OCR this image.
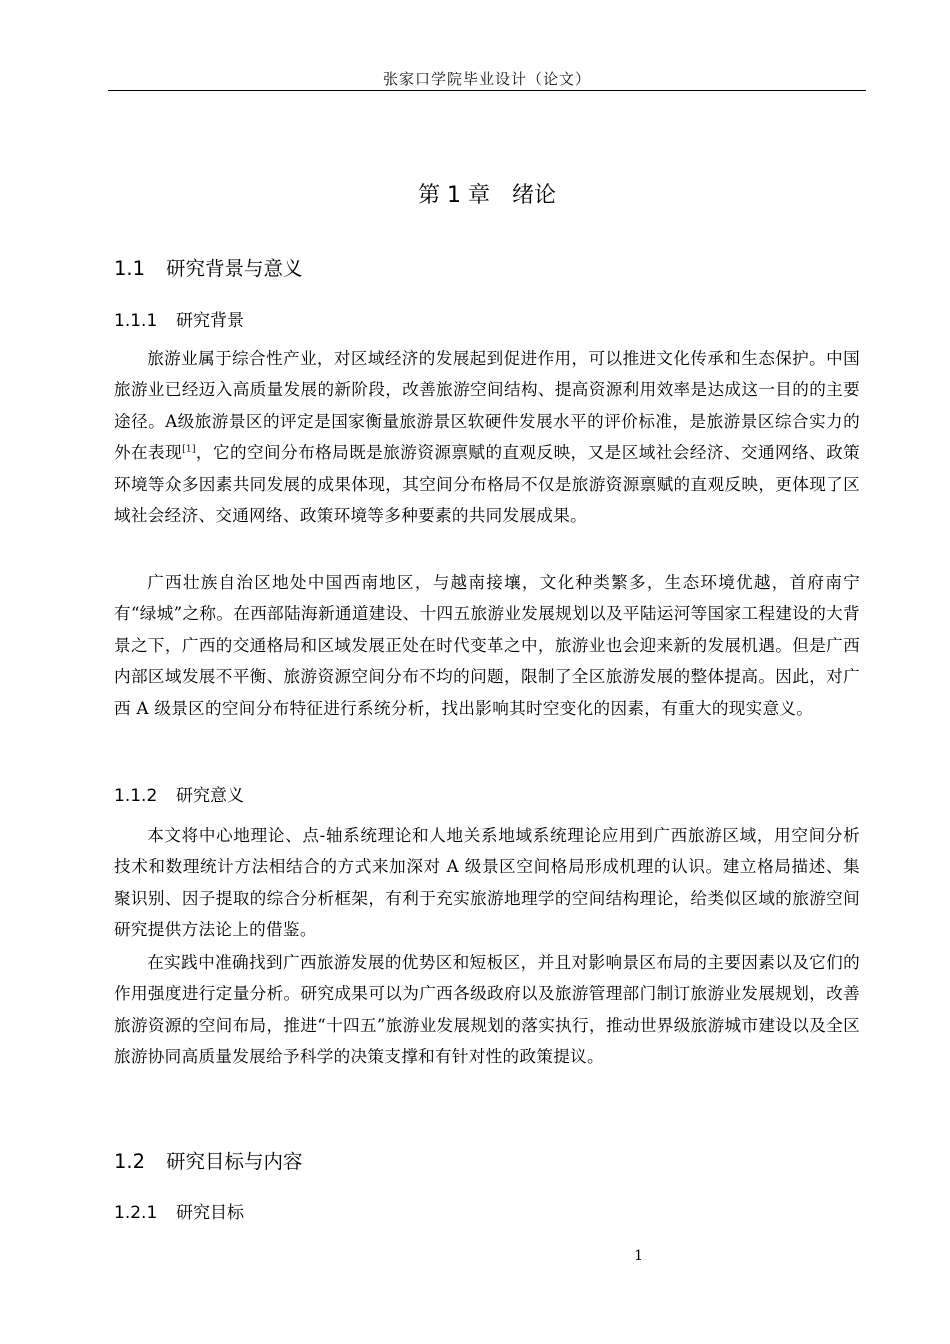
张家口学院毕业设计（论文）
第 1 章 绪论
1.1 研究背景与意义
1.1.1 研究背景

旅游业属于综合性产业，对区域经济的发展起到促进作用，可以推进文化传承和生态保护。中国旅游业已经迈入高质量发展的新阶段，改善旅游空间结构、提高资源利用效率是达成这一目的的主要途径。A级旅游景区的评定是国家衡量旅游景区软硬件发展水平的评价标准，是旅游景区综合实力的外在表现[1]，它的空间分布格局既是旅游资源禀赋的直观反映，又是区域社会经济、交通网络、政策环境等众多因素共同发展的成果体现，其空间分布格局不仅是旅游资源禀赋的直观反映，更体现了区域社会经济、交通网络、政策环境等多种要素的共同发展成果。

广西壮族自治区地处中国西南地区，与越南接壤，文化种类繁多，生态环境优越，首府南宁有“绿城”之称。在西部陆海新通道建设、十四五旅游业发展规划以及平陆运河等国家工程建设的大背景之下，广西的交通格局和区域发展正处在时代变革之中，旅游业也会迎来新的发展机遇。但是广西内部区域发展不平衡、旅游资源空间分布不均的问题，限制了全区旅游发展的整体提高。因此，对广西 A 级景区的空间分布特征进行系统分析，找出影响其时空变化的因素，有重大的现实意义。

1.1.2 研究意义

本文将中心地理论、点-轴系统理论和人地关系地域系统理论应用到广西旅游区域，用空间分析技术和数理统计方法相结合的方式来加深对 A 级景区空间格局形成机理的认识。建立格局描述、集聚识别、因子提取的综合分析框架，有利于充实旅游地理学的空间结构理论，给类似区域的旅游空间研究提供方法论上的借鉴。

在实践中准确找到广西旅游发展的优势区和短板区，并且对影响景区布局的主要因素以及它们的作用强度进行定量分析。研究成果可以为广西各级政府以及旅游管理部门制订旅游业发展规划，改善旅游资源的空间布局，推进“十四五”旅游业发展规划的落实执行，推动世界级旅游城市建设以及全区旅游协同高质量发展给予科学的决策支撑和有针对性的政策提议。

1.2 研究目标与内容
1.2.1 研究目标
1
